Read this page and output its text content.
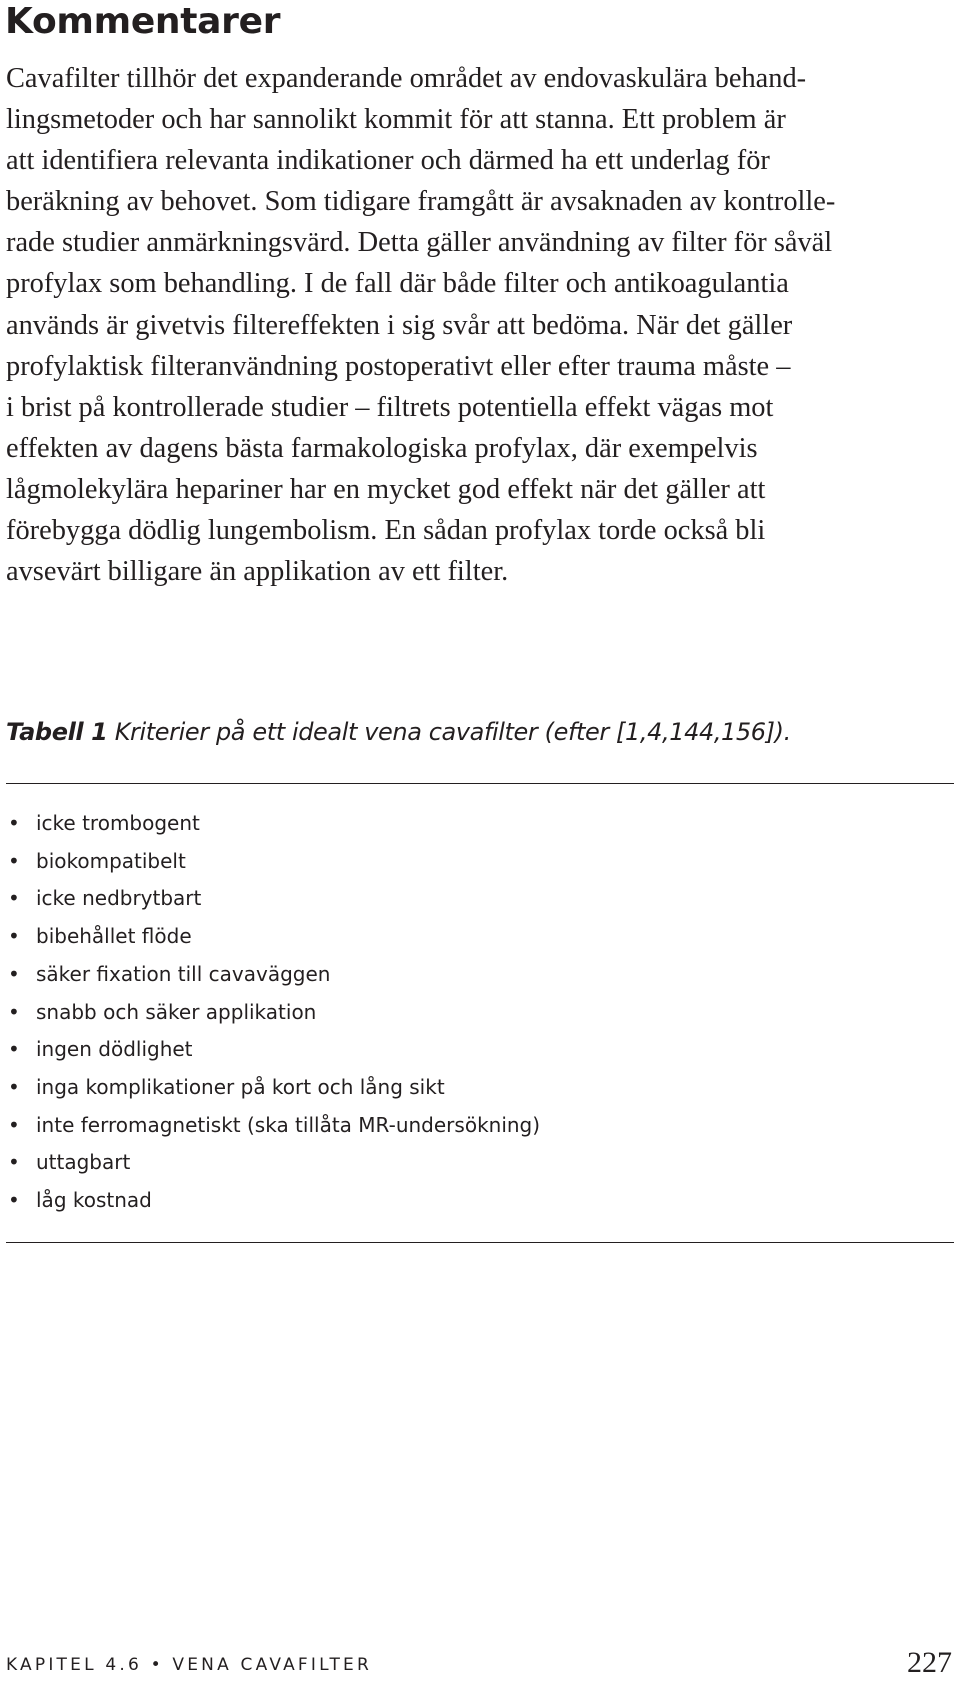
Kommentarer

Cavafilter tillhör det expanderande området av endovaskulära behand-
lingsmetoder och har sannolikt kommit för att stanna. Ett problem är
att identifiera relevanta indikationer och därmed ha ett underlag för
beräkning av behovet. Som tidigare framgått är avsaknaden av kontrolle-
rade studier anmärkningsvärd. Detta gäller användning av filter för såväl
profylax som behandling. I de fall där både filter och antikoagulantia
används är givetvis filtereffekten i sig svår att bedöma. När det gäller
profylaktisk filteranvändning postoperativt eller efter trauma måste –
i brist på kontrollerade studier – filtrets potentiella effekt vägas mot
effekten av dagens bästa farmakologiska profylax, där exempelvis
lågmolekylära hepariner har en mycket god effekt när det gäller att
förebygga dödlig lungembolism. En sådan profylax torde också bli
avsevärt billigare än applikation av ett filter.

Tabell 1 Kriterier på ett idealt vena cavafilter (efter [1,4,144,156]).

• icke trombogent
• biokompatibelt
• icke nedbrytbart
• bibehållet flöde
• säker fixation till cavaväggen
• snabb och säker applikation
• ingen dödlighet
• inga komplikationer på kort och lång sikt
• inte ferromagnetiskt (ska tillåta MR-undersökning)
• uttagbart
• låg kostnad

KAPITEL 4.6 • VENA CAVAFILTER	227
